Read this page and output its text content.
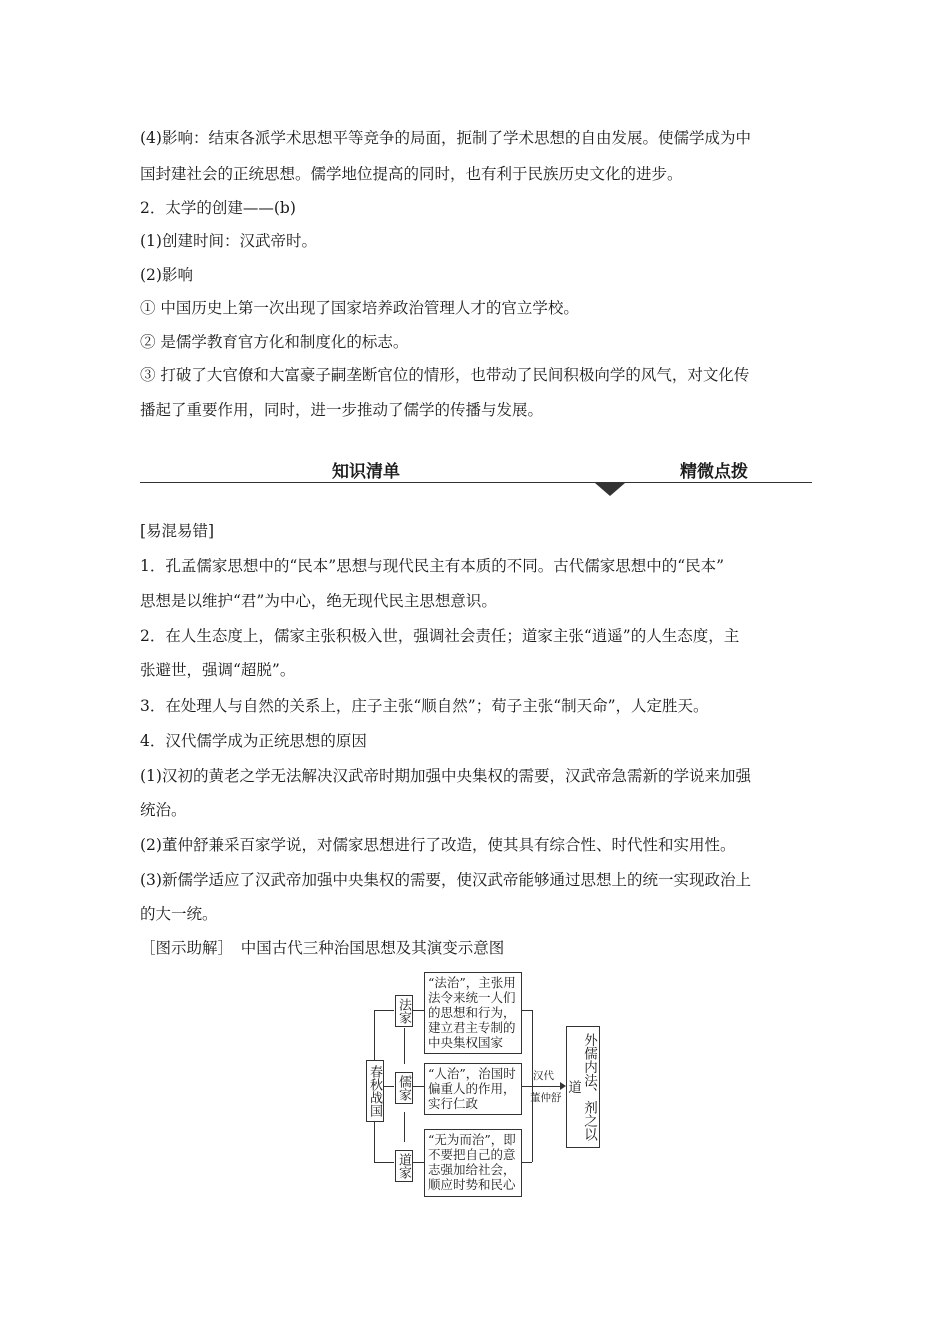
(4)影响：结束各派学术思想平等竞争的局面，扼制了学术思想的自由发展。使儒学成为中
国封建社会的正统思想。儒学地位提高的同时，也有利于民族历史文化的进步。
2．太学的创建——(b)
(1)创建时间：汉武帝时。
(2)影响
① 中国历史上第一次出现了国家培养政治管理人才的官立学校。
② 是儒学教育官方化和制度化的标志。
③ 打破了大官僚和大富豪子嗣垄断官位的情形，也带动了民间积极向学的风气，对文化传
播起了重要作用，同时，进一步推动了儒学的传播与发展。
知识清单	精微点拨
[易混易错]
1．孔孟儒家思想中的“民本”思想与现代民主有本质的不同。古代儒家思想中的“民本”
思想是以维护“君”为中心，绝无现代民主思想意识。
2．在人生态度上，儒家主张积极入世，强调社会责任；道家主张“逍遥”的人生态度，主
张避世，强调“超脱”。
3．在处理人与自然的关系上，庄子主张“顺自然”；荀子主张“制天命”，人定胜天。
4．汉代儒学成为正统思想的原因
(1)汉初的黄老之学无法解决汉武帝时期加强中央集权的需要，汉武帝急需新的学说来加强
统治。
(2)董仲舒兼采百家学说，对儒家思想进行了改造，使其具有综合性、时代性和实用性。
(3)新儒学适应了汉武帝加强中央集权的需要，使汉武帝能够通过思想上的统一实现政治上
的大一统。
［图示助解］　中国古代三种治国思想及其演变示意图
春秋战国
法家
儒家
道家
“法治”，主张用法令来统一人们的思想和行为，建立君主专制的中央集权国家
“人治”，治国时偏重人的作用，实行仁政
“无为而治”，即不要把自己的意志强加给社会，顺应时势和民心
汉代
董仲舒	外儒内法、剂之以道
